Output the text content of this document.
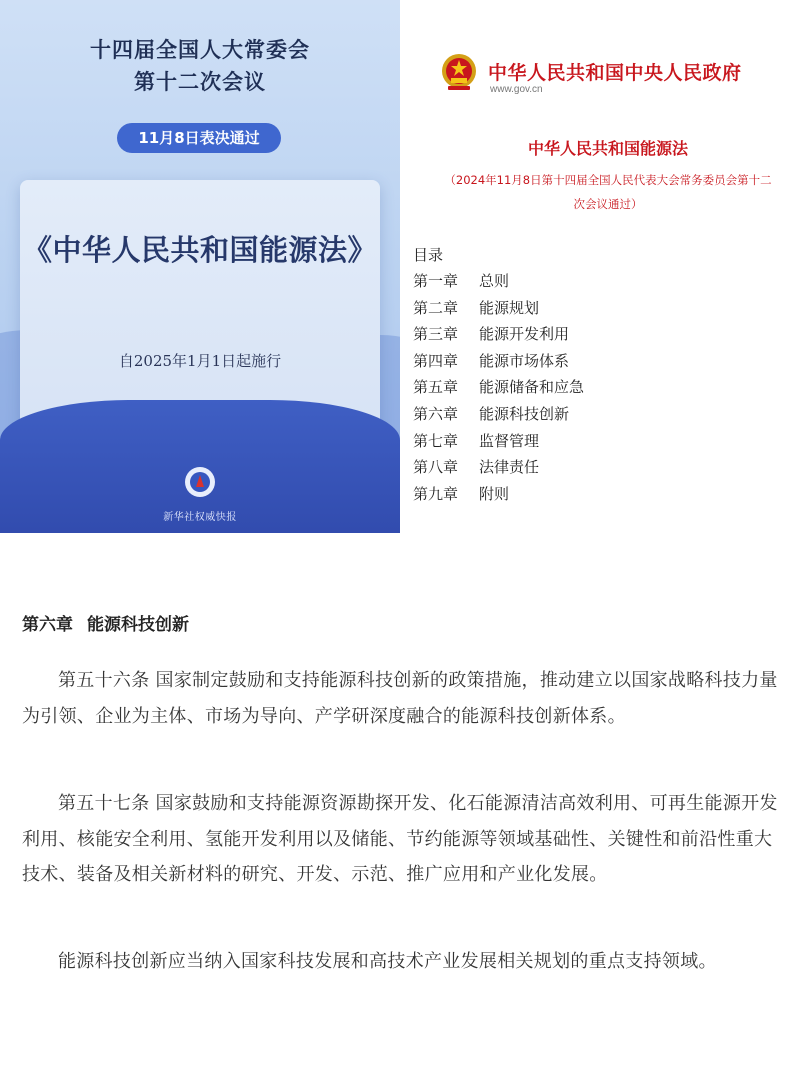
十四届全国人大常委会
第十二次会议
11月8日表决通过
《中华人民共和国能源法》
自2025年1月1日起施行
新华社权威快报
中华人民共和国中央人民政府
www.gov.cn
中华人民共和国能源法
（2024年11月8日第十四届全国人民代表大会常务委员会第十二
次会议通过）
目录
第一章	总则
第二章	能源规划
第三章	能源开发利用
第四章	能源市场体系
第五章	能源储备和应急
第六章	能源科技创新
第七章	监督管理
第八章	法律责任
第九章	附则
第六章 能源科技创新

第五十六条 国家制定鼓励和支持能源科技创新的政策措施，推动建立以国家战略科技力量为引领、企业为主体、市场为导向、产学研深度融合的能源科技创新体系。

第五十七条 国家鼓励和支持能源资源勘探开发、化石能源清洁高效利用、可再生能源开发利用、核能安全利用、氢能开发利用以及储能、节约能源等领域基础性、关键性和前沿性重大技术、装备及相关新材料的研究、开发、示范、推广应用和产业化发展。

能源科技创新应当纳入国家科技发展和高技术产业发展相关规划的重点支持领域。
